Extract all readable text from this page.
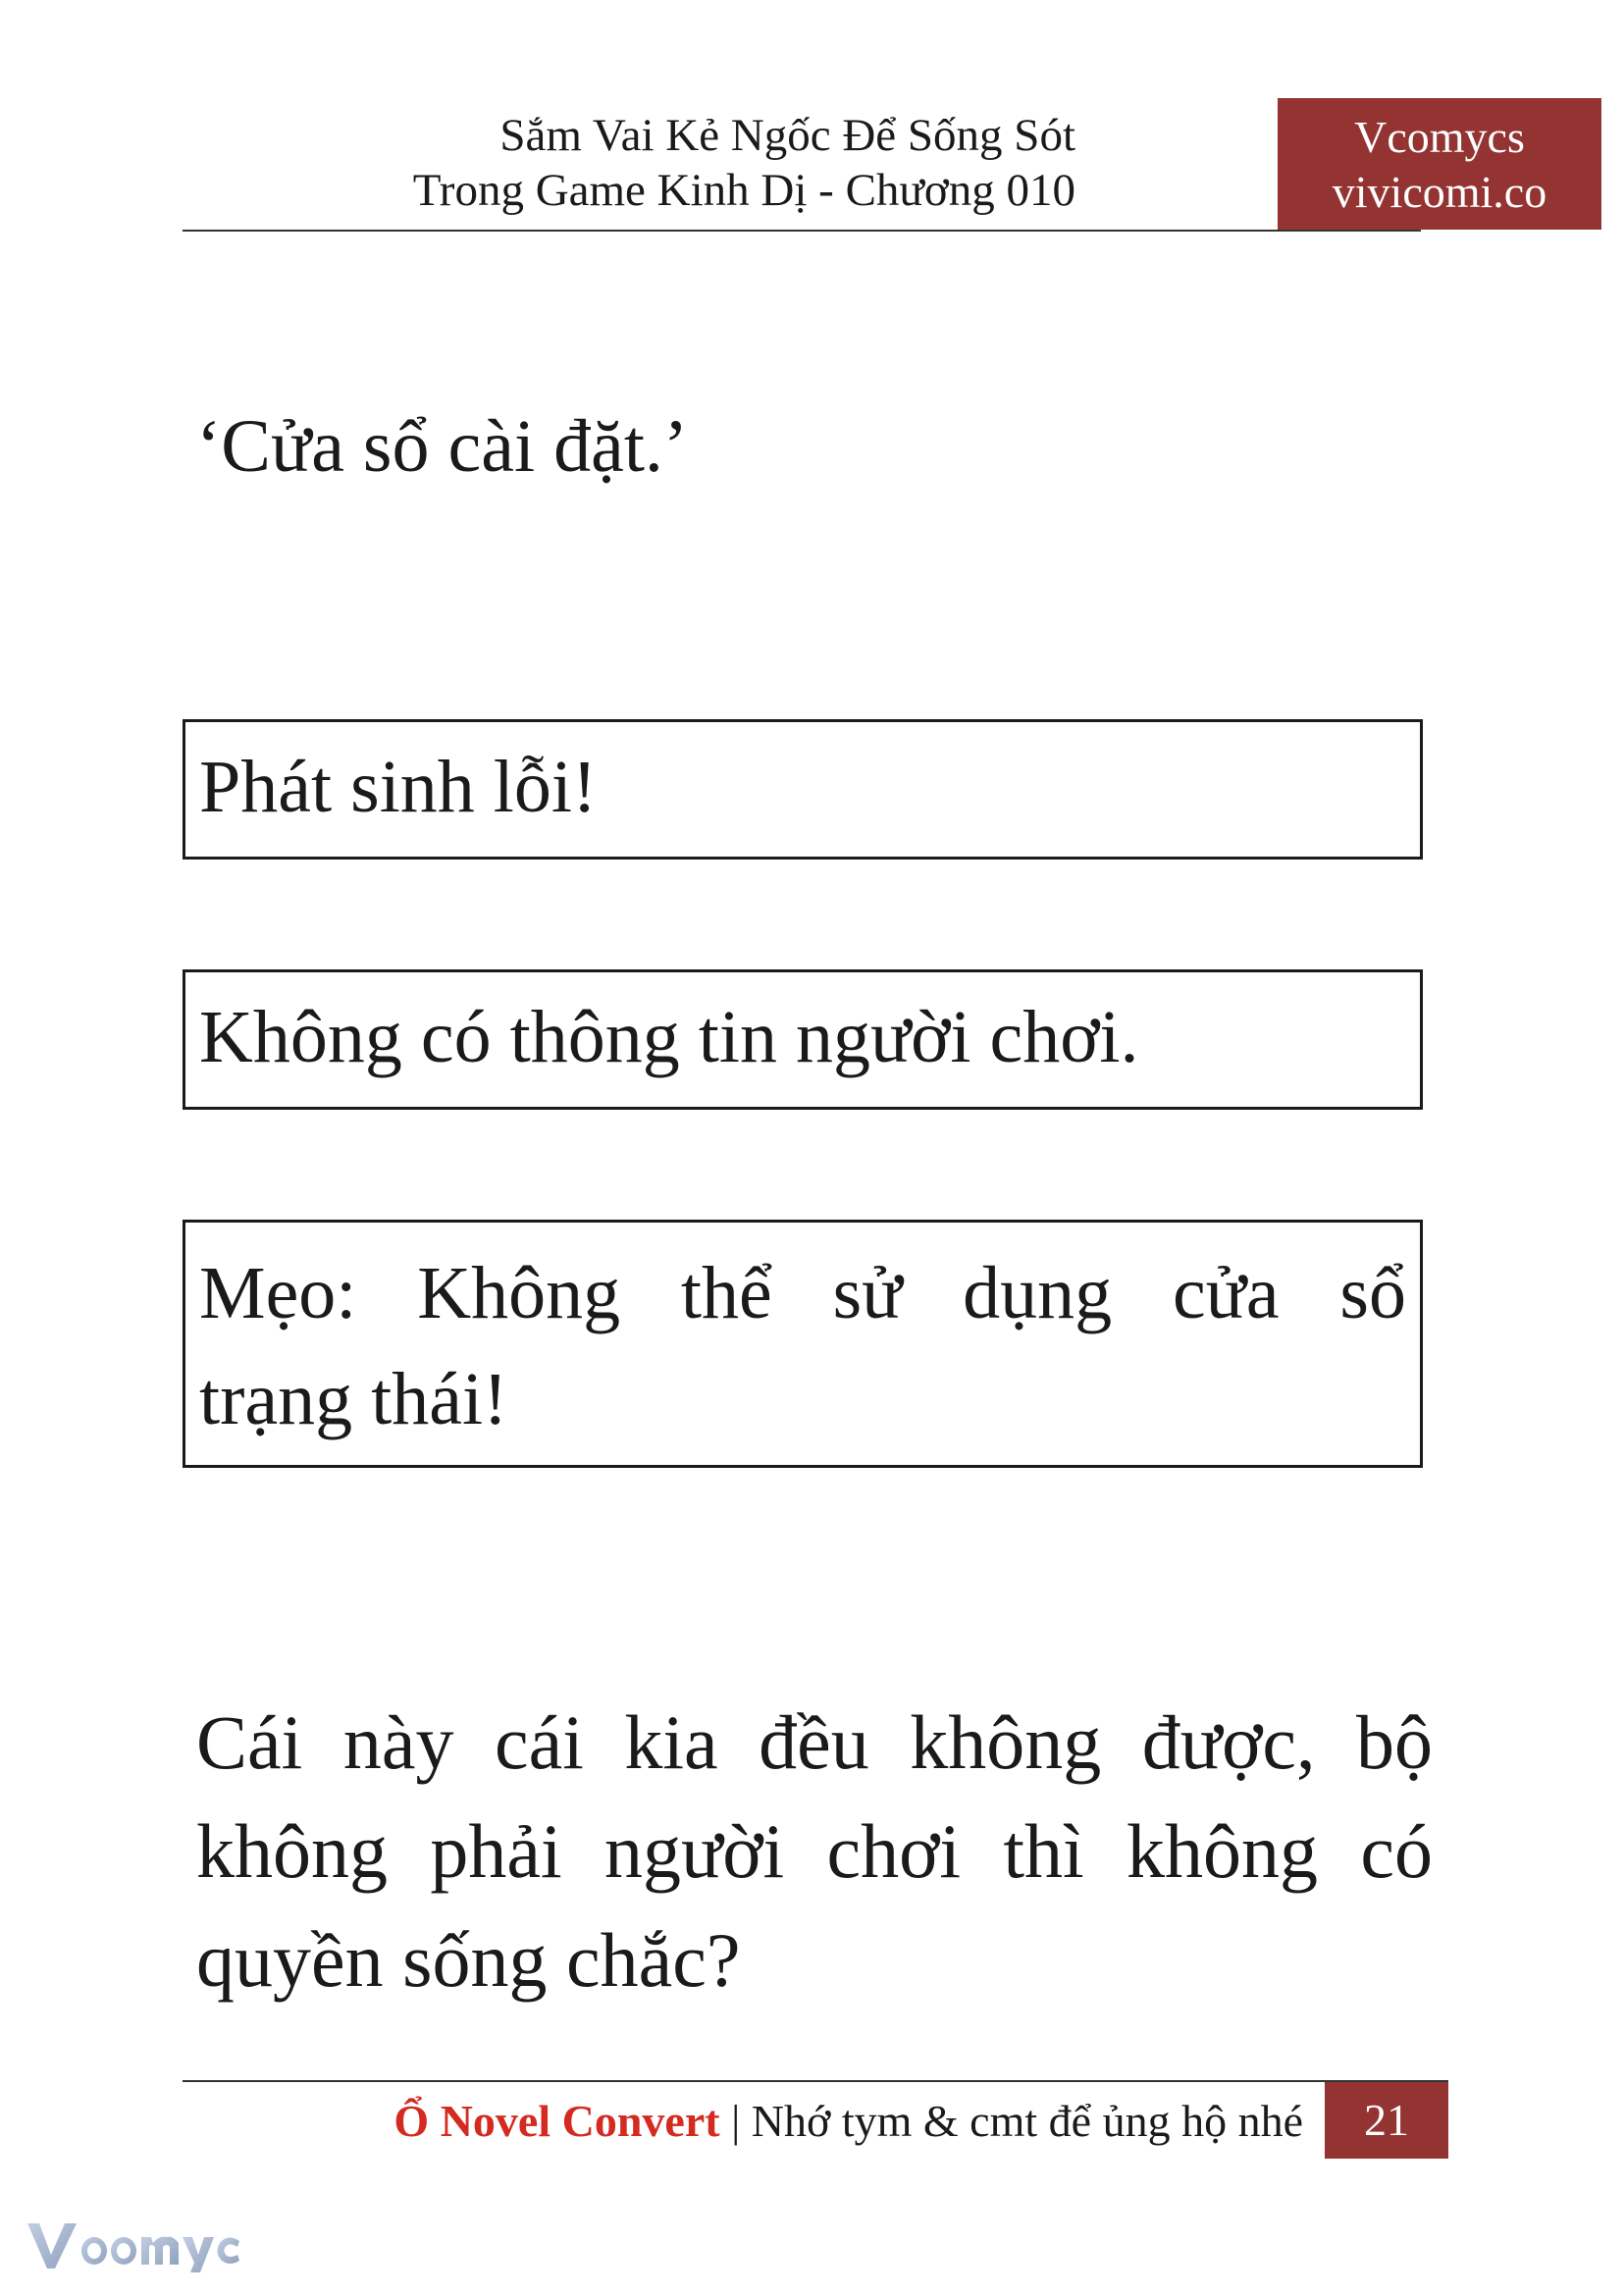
Sắm Vai Kẻ Ngốc Để Sống Sót
Trong Game Kinh Dị - Chương 010
Vcomycs
vivicomi.co
‘Cửa sổ cài đặt.’
Phát sinh lỗi!
Không có thông tin người chơi.
Mẹo: Không thể sử dụng cửa sổ
trạng thái!
Cái này cái kia đều không được, bộ
không phải người chơi thì không có
quyền sống chắc?
Ổ Novel Convert | Nhớ tym & cmt để ủng hộ nhé	21
